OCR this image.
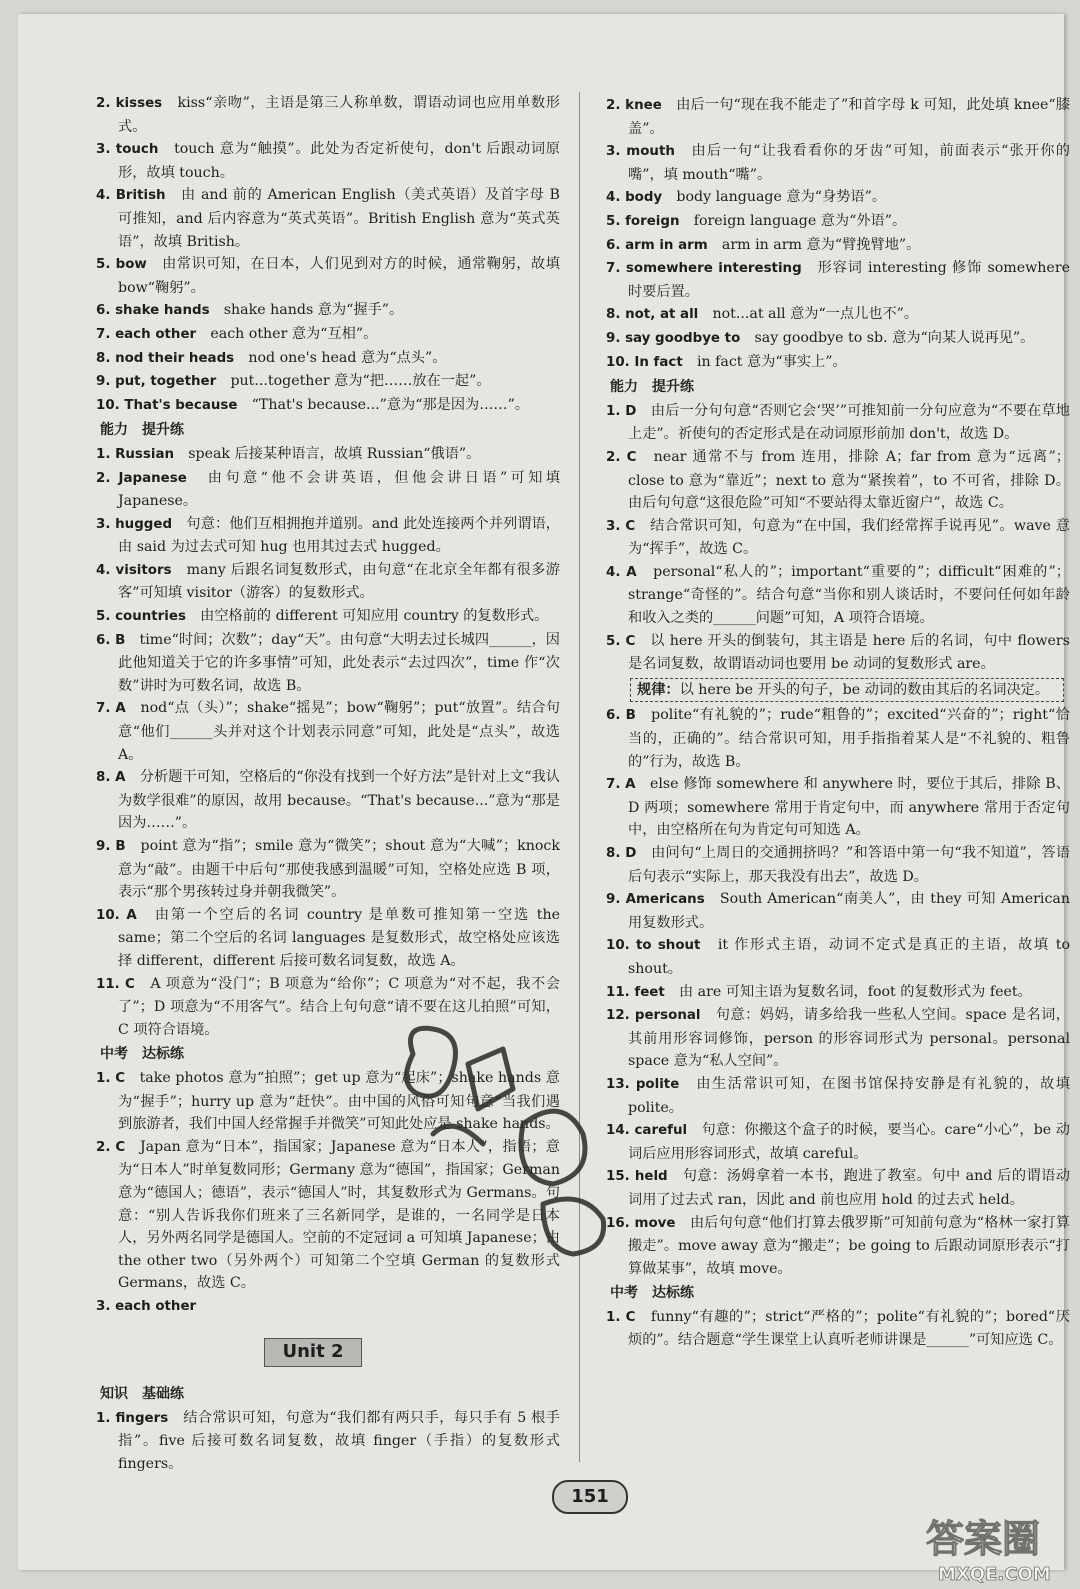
2. kisses　 kiss“亲吻”，主语是第三人称单数，谓语动词也应用单数形式。
3. touch　 touch 意为“触摸”。此处为否定祈使句，don't 后跟动词原形，故填 touch。
4. British　 由 and 前的 American English（美式英语）及首字母 B 可推知，and 后内容意为“英式英语”。British English 意为“英式英语”，故填 British。
5. bow　 由常识可知，在日本，人们见到对方的时候，通常鞠躬，故填 bow“鞠躬”。
6. shake hands　 shake hands 意为“握手”。
7. each other　 each other 意为“互相”。
8. nod their heads　 nod one's head 意为“点头”。
9. put, together　 put...together 意为“把……放在一起”。
10. That's because　 “That's because...”意为“那是因为……”。
能力　提升练
1. Russian　 speak 后接某种语言，故填 Russian“俄语”。
2. Japanese　 由句意“他不会讲英语，但他会讲日语”可知填 Japanese。
3. hugged　 句意：他们互相拥抱并道别。and 此处连接两个并列谓语，由 said 为过去式可知 hug 也用其过去式 hugged。
4. visitors　 many 后跟名词复数形式，由句意“在北京全年都有很多游客”可知填 visitor（游客）的复数形式。
5. countries　 由空格前的 different 可知应用 country 的复数形式。
6. B　 time“时间；次数”；day“天”。由句意“大明去过长城四______，因此他知道关于它的许多事情”可知，此处表示“去过四次”，time 作“次数”讲时为可数名词，故选 B。
7. A　 nod“点（头）”；shake“摇晃”；bow“鞠躬”；put“放置”。结合句意“他们______头并对这个计划表示同意”可知，此处是“点头”，故选 A。
8. A　 分析题干可知，空格后的“你没有找到一个好方法”是针对上文“我认为数学很难”的原因，故用 because。“That's because...”意为“那是因为……”。
9. B　 point 意为“指”；smile 意为“微笑”；shout 意为“大喊”；knock 意为“敲”。由题干中后句“那使我感到温暖”可知，空格处应选 B 项，表示“那个男孩转过身并朝我微笑”。
10. A　 由第一个空后的名词 country 是单数可推知第一空选 the same；第二个空后的名词 languages 是复数形式，故空格处应该选择 different，different 后接可数名词复数，故选 A。
11. C　 A 项意为“没门”；B 项意为“给你”；C 项意为“对不起，我不会了”；D 项意为“不用客气”。结合上句句意“请不要在这儿拍照”可知，C 项符合语境。
中考　达标练
1. C　 take photos 意为“拍照”；get up 意为“起床”；shake hands 意为“握手”；hurry up 意为“赶快”。由中国的风俗可知句意“当我们遇到旅游者，我们中国人经常握手并微笑”可知此处应是 shake hands。
2. C　 Japan 意为“日本”，指国家；Japanese 意为“日本人”，指语；意为“日本人”时单复数同形；Germany 意为“德国”，指国家；German 意为“德国人；德语”，表示“德国人”时，其复数形式为 Germans。句意：“别人告诉我你们班来了三名新同学，是谁的，一名同学是日本人，另外两名同学是德国人。空前的不定冠词 a 可知填 Japanese；由 the other two（另外两个）可知第二个空填 German 的复数形式 Germans，故选 C。
3. each other　
Unit 2
知识　基础练
1. fingers　 结合常识可知，句意为“我们都有两只手，每只手有 5 根手指”。five 后接可数名词复数，故填 finger（手指）的复数形式 fingers。
2. knee　 由后一句“现在我不能走了”和首字母 k 可知，此处填 knee“膝盖”。
3. mouth　 由后一句“让我看看你的牙齿”可知，前面表示“张开你的嘴”，填 mouth“嘴”。
4. body　 body language 意为“身势语”。
5. foreign　 foreign language 意为“外语”。
6. arm in arm　 arm in arm 意为“臂挽臂地”。
7. somewhere interesting　 形容词 interesting 修饰 somewhere 时要后置。
8. not, at all　 not...at all 意为“一点儿也不”。
9. say goodbye to　 say goodbye to sb. 意为“向某人说再见”。
10. In fact　 in fact 意为“事实上”。
能力　提升练
1. D　 由后一分句句意“否则它会‘哭’”可推知前一分句应意为“不要在草地上走”。祈使句的否定形式是在动词原形前加 don't，故选 D。
2. C　 near 通常不与 from 连用，排除 A；far from 意为“远离”；close to 意为“靠近”；next to 意为“紧挨着”，to 不可省，排除 D。由后句句意“这很危险”可知“不要站得太靠近窗户”，故选 C。
3. C　 结合常识可知，句意为“在中国，我们经常挥手说再见”。wave 意为“挥手”，故选 C。
4. A　 personal“私人的”；important“重要的”；difficult“困难的”；strange“奇怪的”。结合句意“当你和别人谈话时，不要问任何如年龄和收入之类的______问题”可知，A 项符合语境。
5. C　 以 here 开头的倒装句，其主语是 here 后的名词，句中 flowers 是名词复数，故谓语动词也要用 be 动词的复数形式 are。
规律：以 here be 开头的句子，be 动词的数由其后的名词决定。
6. B　 polite“有礼貌的”；rude“粗鲁的”；excited“兴奋的”；right“恰当的，正确的”。结合常识可知，用手指指着某人是“不礼貌的、粗鲁的”行为，故选 B。
7. A　 else 修饰 somewhere 和 anywhere 时，要位于其后，排除 B、D 两项；somewhere 常用于肯定句中，而 anywhere 常用于否定句中，由空格所在句为肯定句可知选 A。
8. D　 由问句“上周日的交通拥挤吗？”和答语中第一句“我不知道”，答语后句表示“实际上，那天我没有出去”，故选 D。
9. Americans　 South American“南美人”，由 they 可知 American 用复数形式。
10. to shout　 it 作形式主语，动词不定式是真正的主语，故填 to shout。
11. feet　 由 are 可知主语为复数名词，foot 的复数形式为 feet。
12. personal　 句意：妈妈，请多给我一些私人空间。space 是名词，其前用形容词修饰，person 的形容词形式为 personal。personal space 意为“私人空间”。
13. polite　 由生活常识可知，在图书馆保持安静是有礼貌的，故填 polite。
14. careful　 句意：你搬这个盒子的时候，要当心。care“小心”，be 动词后应用形容词形式，故填 careful。
15. held　 句意：汤姆拿着一本书，跑进了教室。句中 and 后的谓语动词用了过去式 ran，因此 and 前也应用 hold 的过去式 held。
16. move　 由后句句意“他们打算去俄罗斯”可知前句意为“格林一家打算搬走”。move away 意为“搬走”；be going to 后跟动词原形表示“打算做某事”，故填 move。
中考　达标练
1. C　 funny“有趣的”；strict“严格的”；polite“有礼貌的”；bored“厌烦的”。结合题意“学生课堂上认真听老师讲课是______”可知应选 C。
151
答案圈
MXQE.COM
